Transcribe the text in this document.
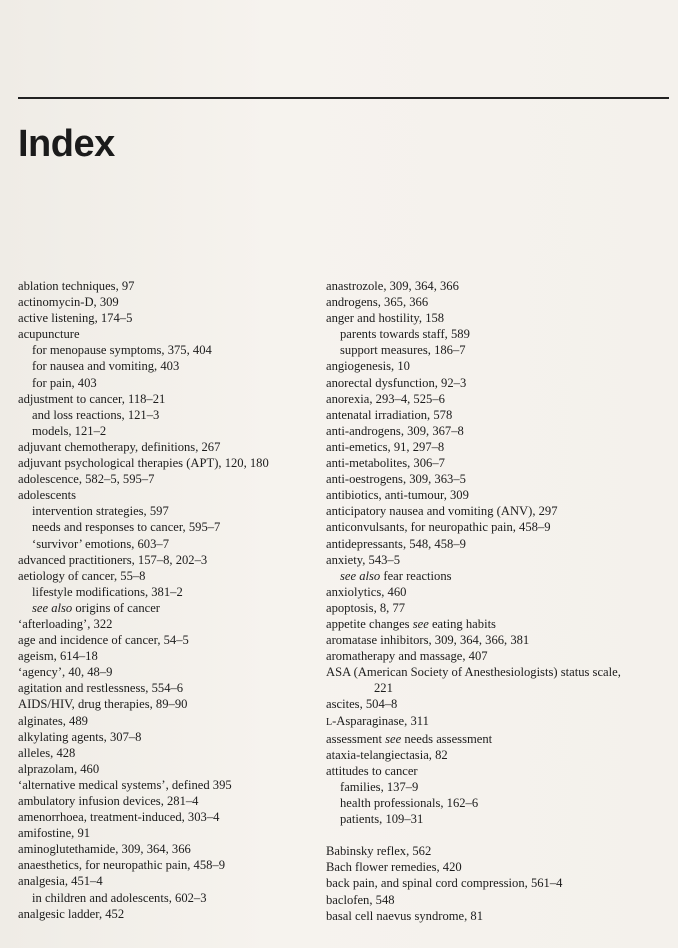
Index
ablation techniques, 97
actinomycin-D, 309
active listening, 174–5
acupuncture
for menopause symptoms, 375, 404
for nausea and vomiting, 403
for pain, 403
adjustment to cancer, 118–21
and loss reactions, 121–3
models, 121–2
adjuvant chemotherapy, definitions, 267
adjuvant psychological therapies (APT), 120, 180
adolescence, 582–5, 595–7
adolescents
intervention strategies, 597
needs and responses to cancer, 595–7
‘survivor’ emotions, 603–7
advanced practitioners, 157–8, 202–3
aetiology of cancer, 55–8
lifestyle modifications, 381–2
see also origins of cancer
‘afterloading’, 322
age and incidence of cancer, 54–5
ageism, 614–18
‘agency’, 40, 48–9
agitation and restlessness, 554–6
AIDS/HIV, drug therapies, 89–90
alginates, 489
alkylating agents, 307–8
alleles, 428
alprazolam, 460
‘alternative medical systems’, defined 395
ambulatory infusion devices, 281–4
amenorrhoea, treatment-induced, 303–4
amifostine, 91
aminoglutethamide, 309, 364, 366
anaesthetics, for neuropathic pain, 458–9
analgesia, 451–4
in children and adolescents, 602–3
analgesic ladder, 452
anastrozole, 309, 364, 366
androgens, 365, 366
anger and hostility, 158
parents towards staff, 589
support measures, 186–7
angiogenesis, 10
anorectal dysfunction, 92–3
anorexia, 293–4, 525–6
antenatal irradiation, 578
anti-androgens, 309, 367–8
anti-emetics, 91, 297–8
anti-metabolites, 306–7
anti-oestrogens, 309, 363–5
antibiotics, anti-tumour, 309
anticipatory nausea and vomiting (ANV), 297
anticonvulsants, for neuropathic pain, 458–9
antidepressants, 548, 458–9
anxiety, 543–5
see also fear reactions
anxiolytics, 460
apoptosis, 8, 77
appetite changes see eating habits
aromatase inhibitors, 309, 364, 366, 381
aromatherapy and massage, 407
ASA (American Society of Anesthesiologists) status scale,
221
ascites, 504–8
L-Asparaginase, 311
assessment see needs assessment
ataxia-telangiectasia, 82
attitudes to cancer
families, 137–9
health professionals, 162–6
patients, 109–31
Babinsky reflex, 562
Bach flower remedies, 420
back pain, and spinal cord compression, 561–4
baclofen, 548
basal cell naevus syndrome, 81
